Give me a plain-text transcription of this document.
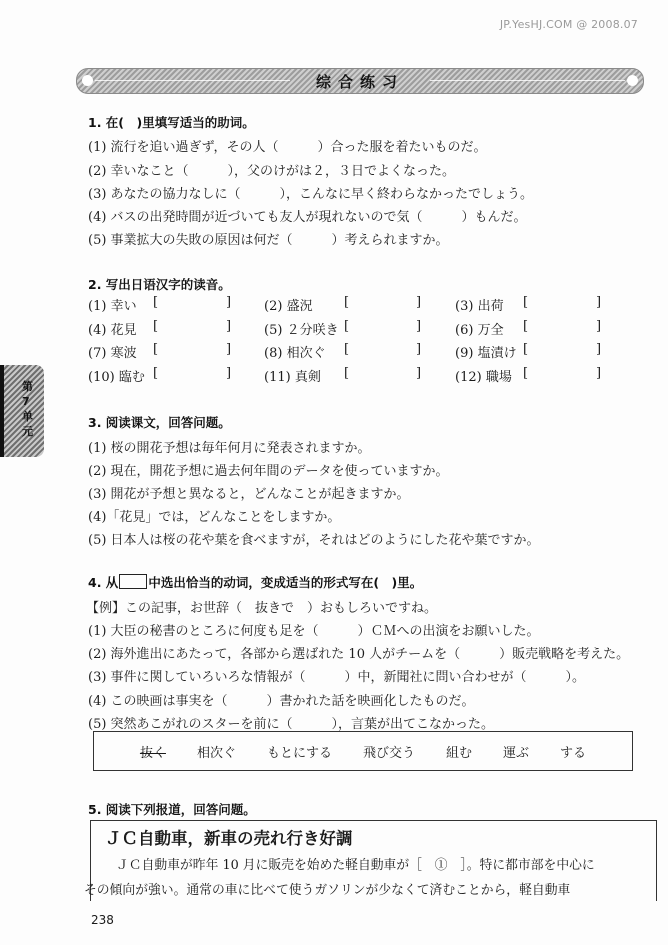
JP.YesHJ.COM @ 2008.07
综合练习
第7单元
1. 在(　)里填写适当的助词。
(1) 流行を追い過ぎず，その人（　　　）合った服を着たいものだ。
(2) 幸いなこと（　　　），父のけがは２，３日でよくなった。
(3) あなたの協力なしに（　　　），こんなに早く終わらなかったでしょう。
(4) バスの出発時間が近づいても友人が現れないので気（　　　）もんだ。
(5) 事業拡大の失敗の原因は何だ（　　　）考えられますか。
2. 写出日语汉字的读音。
(1) 幸い [	]	(2) 盛況 [	]	(3) 出荷 [	]
(4) 花見 [	]	(5) ２分咲き [	]	(6) 万全 [	]
(7) 寒波 [	]	(8) 相次ぐ [	]	(9) 塩漬け [	]
(10) 臨む [	]	(11) 真剣 [	]	(12) 職場 [	]
3. 阅读课文，回答问题。
(1) 桜の開花予想は毎年何月に発表されますか。
(2) 現在，開花予想に過去何年間のデータを使っていますか。
(3) 開花が予想と異なると，どんなことが起きますか。
(4)「花見」では，どんなことをしますか。
(5) 日本人は桜の花や葉を食べますが，それはどのようにした花や葉ですか。
4. 从 中选出恰当的动词，变成适当的形式写在(　)里。
【例】この記事，お世辞（　抜きで　）おもしろいですね。
(1) 大臣の秘書のところに何度も足を（　　　）ＣＭへの出演をお願いした。
(2) 海外進出にあたって，各部から選ばれた 10 人がチームを（　　　）販売戦略を考えた。
(3) 事件に関していろいろな情報が（　　　）中，新聞社に問い合わせが（　　　）。
(4) この映画は事実を（　　　）書かれた話を映画化したものだ。
(5) 突然あこがれのスターを前に（　　　），言葉が出てこなかった。
抜く 相次ぐ もとにする 飛び交う 組む 運ぶ する
5. 阅读下列报道，回答问题。
ＪＣ自動車，新車の売れ行き好調
ＪＣ自動車が昨年 10 月に販売を始めた軽自動車が［　①　］。特に都市部を中心に
その傾向が強い。通常の車に比べて使うガソリンが少なくて済むことから，軽自動車
238
